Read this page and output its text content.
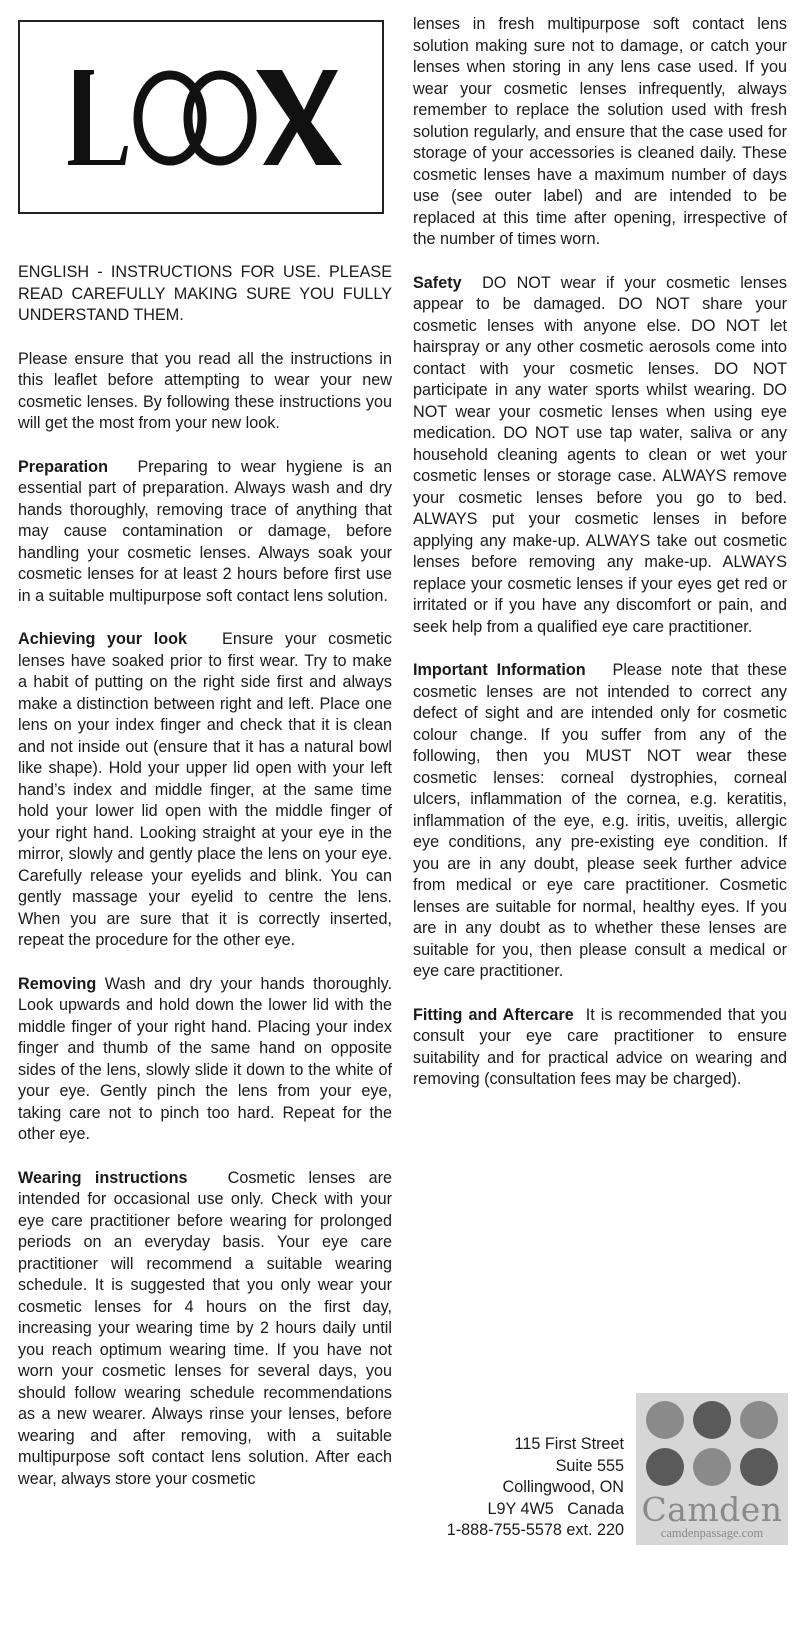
LOOX

ENGLISH - INSTRUCTIONS FOR USE. PLEASE READ CAREFULLY MAKING SURE YOU FULLY UNDERSTAND THEM.

Please ensure that you read all the instructions in this leaflet before attempting to wear your new cosmetic lenses. By following these instructions you will get the most from your new look.

Preparation Preparing to wear hygiene is an essential part of preparation. Always wash and dry hands thoroughly, removing trace of anything that may cause contamination or damage, before handling your cosmetic lenses. Always soak your cosmetic lenses for at least 2 hours before first use in a suitable multipurpose soft contact lens solution.

Achieving your look Ensure your cosmetic lenses have soaked prior to first wear. Try to make a habit of putting on the right side first and always make a distinction between right and left. Place one lens on your index finger and check that it is clean and not inside out (ensure that it has a natural bowl like shape). Hold your upper lid open with your left hand’s index and middle finger, at the same time hold your lower lid open with the middle finger of your right hand. Looking straight at your eye in the mirror, slowly and gently place the lens on your eye. Carefully release your eyelids and blink. You can gently massage your eyelid to centre the lens. When you are sure that it is correctly inserted, repeat the procedure for the other eye.

Removing Wash and dry your hands thoroughly. Look upwards and hold down the lower lid with the middle finger of your right hand. Placing your index finger and thumb of the same hand on opposite sides of the lens, slowly slide it down to the white of your eye. Gently pinch the lens from your eye, taking care not to pinch too hard. Repeat for the other eye.

Wearing instructions Cosmetic lenses are intended for occasional use only. Check with your eye care practitioner before wearing for prolonged periods on an everyday basis. Your eye care practitioner will recommend a suitable wearing schedule. It is suggested that you only wear your cosmetic lenses for 4 hours on the first day, increasing your wearing time by 2 hours daily until you reach optimum wearing time. If you have not worn your cosmetic lenses for several days, you should follow wearing schedule recommendations as a new wearer. Always rinse your lenses, before wearing and after removing, with a suitable multipurpose soft contact lens solution. After each wear, always store your cosmetic

lenses in fresh multipurpose soft contact lens solution making sure not to damage, or catch your lenses when storing in any lens case used. If you wear your cosmetic lenses infrequently, always remember to replace the solution used with fresh solution regularly, and ensure that the case used for storage of your accessories is cleaned daily. These cosmetic lenses have a maximum number of days use (see outer label) and are intended to be replaced at this time after opening, irrespective of the number of times worn.

Safety DO NOT wear if your cosmetic lenses appear to be damaged. DO NOT share your cosmetic lenses with anyone else. DO NOT let hairspray or any other cosmetic aerosols come into contact with your cosmetic lenses. DO NOT participate in any water sports whilst wearing. DO NOT wear your cosmetic lenses when using eye medication. DO NOT use tap water, saliva or any household cleaning agents to clean or wet your cosmetic lenses or storage case. ALWAYS remove your cosmetic lenses before you go to bed. ALWAYS put your cosmetic lenses in before applying any make-up. ALWAYS take out cosmetic lenses before removing any make-up. ALWAYS replace your cosmetic lenses if your eyes get red or irritated or if you have any discomfort or pain, and seek help from a qualified eye care practitioner.

Important Information Please note that these cosmetic lenses are not intended to correct any defect of sight and are intended only for cosmetic colour change. If you suffer from any of the following, then you MUST NOT wear these cosmetic lenses: corneal dystrophies, corneal ulcers, inflammation of the cornea, e.g. keratitis, inflammation of the eye, e.g. iritis, uveitis, allergic eye conditions, any pre-existing eye condition. If you are in any doubt, please seek further advice from medical or eye care practitioner. Cosmetic lenses are suitable for normal, healthy eyes. If you are in any doubt as to whether these lenses are suitable for you, then please consult a medical or eye care practitioner.

Fitting and Aftercare It is recommended that you consult your eye care practitioner to ensure suitability and for practical advice on wearing and removing (consultation fees may be charged).

115 First Street
Suite 555
Collingwood, ON
L9Y 4W5   Canada
1-888-755-5578 ext. 220
Camden
camdenpassage.com
